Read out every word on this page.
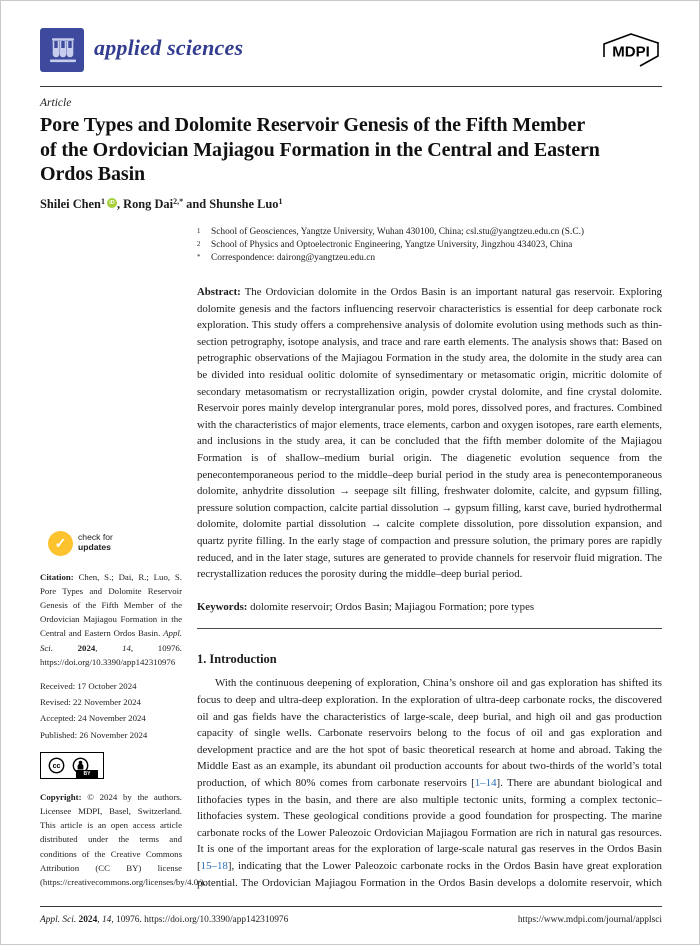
applied sciences	MDPI
Article
Pore Types and Dolomite Reservoir Genesis of the Fifth Member
of the Ordovician Majiagou Formation in the Central and Eastern
Ordos Basin
Shilei Chen$^1$ iD , Rong Dai$^{2,*}$ and Shunshe Luo$^1$
✓	check for
updates

Citation: Chen, S.; Dai, R.; Luo, S. Pore Types and Dolomite Reservoir Genesis of the Fifth Member of the Ordovician Majiagou Formation in the Central and Eastern Ordos Basin. Appl. Sci. 2024, 14, 10976. https://doi.org/10.3390/app142310976

Received: 17 October 2024
Revised: 22 November 2024
Accepted: 24 November 2024
Published: 26 November 2024
cc
BY

Copyright: © 2024 by the authors. Licensee MDPI, Basel, Switzerland. This article is an open access article distributed under the terms and conditions of the Creative Commons Attribution (CC BY) license (https://creativecommons.org/licenses/by/4.0/).

1	School of Geosciences, Yangtze University, Wuhan 430100, China; csl.stu@yangtzeu.edu.cn (S.C.)
2	School of Physics and Optoelectronic Engineering, Yangtze University, Jingzhou 434023, China
*	Correspondence: dairong@yangtzeu.edu.cn

Abstract: The Ordovician dolomite in the Ordos Basin is an important natural gas reservoir. Exploring dolomite genesis and the factors influencing reservoir characteristics is essential for deep carbonate rock exploration. This study offers a comprehensive analysis of dolomite evolution using methods such as thin-section petrography, isotope analysis, and trace and rare earth elements. The analysis shows that: Based on petrographic observations of the Majiagou Formation in the study area, the dolomite in the study area can be divided into residual oolitic dolomite of synsedimentary or metasomatic origin, micritic dolomite of secondary metasomatism or recrystallization origin, powder crystal dolomite, and fine crystal dolomite. Reservoir pores mainly develop intergranular pores, mold pores, dissolved pores, and fractures. Combined with the characteristics of major elements, trace elements, carbon and oxygen isotopes, rare earth elements, and inclusions in the study area, it can be concluded that the fifth member dolomite of the Majiagou Formation is of shallow–medium burial origin. The diagenetic evolution sequence from the penecontemporaneous period to the middle–deep burial period in the study area is penecontemporaneous dolomite, anhydrite dissolution → seepage silt filling, freshwater dolomite, calcite, and gypsum filling, pressure solution compaction, calcite partial dissolution → gypsum filling, karst cave, buried hydrothermal dolomite, dolomite partial dissolution → calcite complete dissolution, pore dissolution expansion, and quartz pyrite filling. In the early stage of compaction and pressure solution, the primary pores are rapidly reduced, and in the later stage, sutures are generated to provide channels for reservoir fluid migration. The recrystallization reduces the porosity during the middle–deep burial period.

Keywords: dolomite reservoir; Ordos Basin; Majiagou Formation; pore types

1. Introduction

With the continuous deepening of exploration, China’s onshore oil and gas exploration has shifted its focus to deep and ultra-deep exploration. In the exploration of ultra-deep carbonate rocks, the discovered oil and gas fields have the characteristics of large-scale, deep burial, and high oil and gas production capacity of single wells. Carbonate reservoirs belong to the focus of oil and gas exploration and development practice and are the hot spot of basic theoretical research at home and abroad. Taking the Middle East as an example, its abundant oil production accounts for about two-thirds of the world’s total production, of which 80% comes from carbonate reservoirs [1–14]. There are abundant biological and lithofacies types in the basin, and there are also multiple tectonic units, forming a complex tectonic–lithofacies system. These geological conditions provide a good foundation for prospecting. The marine carbonate rocks of the Lower Paleozoic Ordovician Majiagou Formation are rich in natural gas resources. It is one of the important areas for the exploration of large-scale natural gas reserves in the Ordos Basin [15–18], indicating that the Lower Paleozoic carbonate rocks in the Ordos Basin have great exploration potential. The Ordovician Majiagou Formation in the Ordos Basin develops a dolomite reservoir, which

Appl. Sci. 2024, 14, 10976. https://doi.org/10.3390/app142310976	https://www.mdpi.com/journal/applsci
